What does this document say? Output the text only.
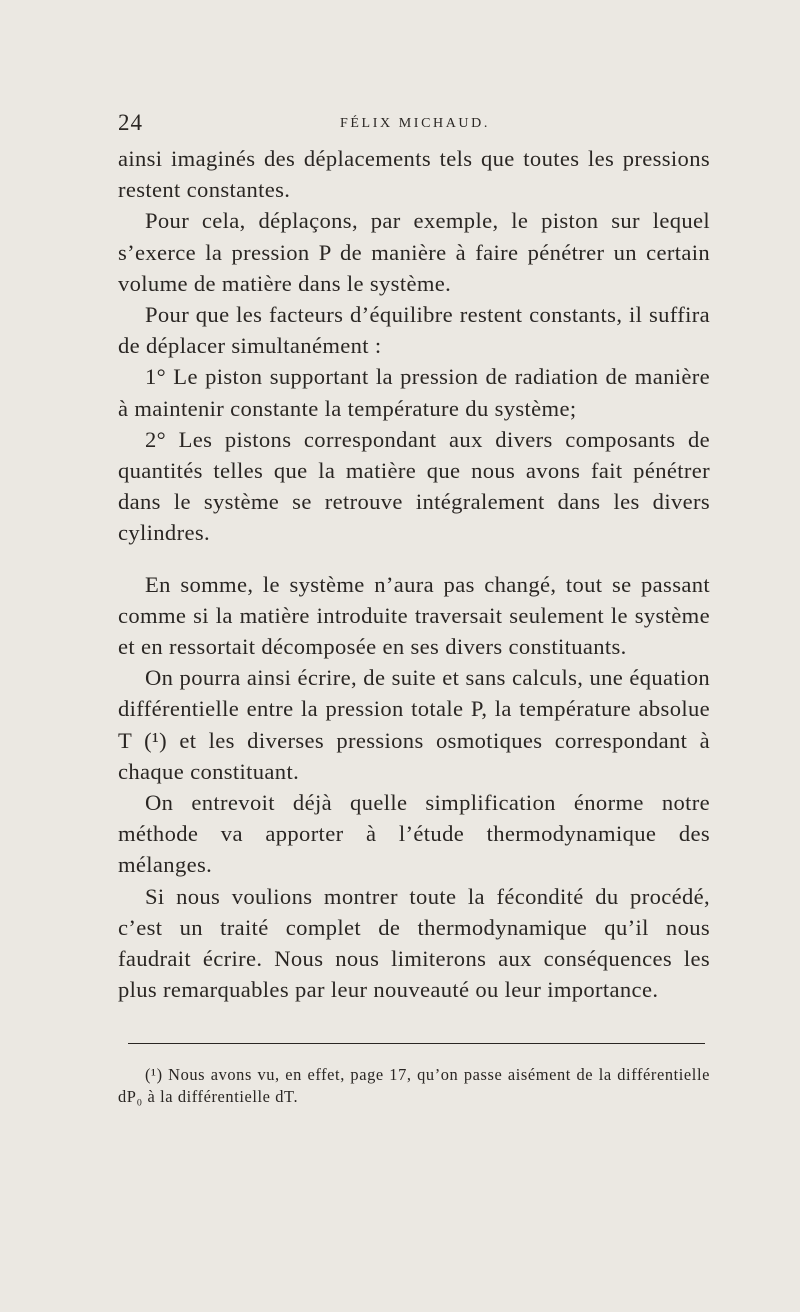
24	FÉLIX MICHAUD.

ainsi imaginés des déplacements tels que toutes les pressions restent constantes.

Pour cela, déplaçons, par exemple, le piston sur lequel s’exerce la pression P de manière à faire pénétrer un certain volume de matière dans le système.

Pour que les facteurs d’équilibre restent constants, il suffira de déplacer simultanément :

1° Le piston supportant la pression de radiation de manière à maintenir constante la température du système;

2° Les pistons correspondant aux divers composants de quantités telles que la matière que nous avons fait pénétrer dans le système se retrouve intégralement dans les divers cylindres.

En somme, le système n’aura pas changé, tout se passant comme si la matière introduite traversait seulement le système et en ressortait décomposée en ses divers constituants.

On pourra ainsi écrire, de suite et sans calculs, une équation différentielle entre la pression totale P, la température absolue T (¹) et les diverses pressions osmotiques correspondant à chaque constituant.

On entrevoit déjà quelle simplification énorme notre méthode va apporter à l’étude thermodynamique des mélanges.

Si nous voulions montrer toute la fécondité du procédé, c’est un traité complet de thermodynamique qu’il nous faudrait écrire. Nous nous limiterons aux conséquences les plus remarquables par leur nouveauté ou leur importance.

(¹) Nous avons vu, en effet, page 17, qu’on passe aisément de la différentielle dP₀ à la différentielle dT.
